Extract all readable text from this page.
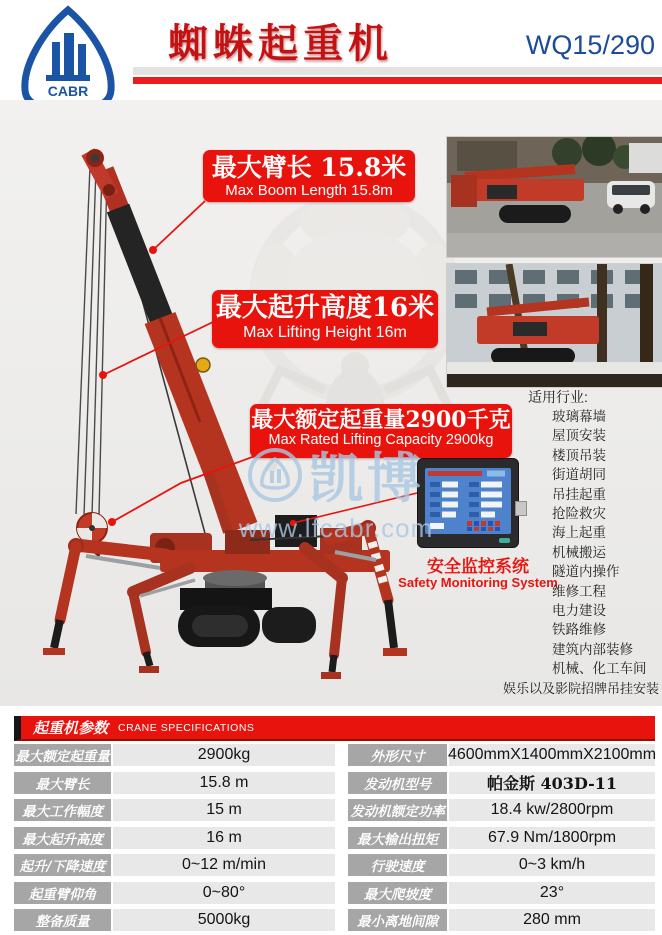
CABR
蜘蛛起重机	WQ15/290
最大臂长 15.8米
Max Boom Length 15.8m
最大起升高度16米
Max Lifting Height 16m
最大额定起重量2900千克
Max Rated Lifting Capacity 2900kg
安全监控系统
Safety Monitoring System
适用行业:
玻璃幕墙
屋顶安装
楼顶吊装
街道胡同
吊挂起重
抢险救灾
海上起重
机械搬运
隧道内操作
维修工程
电力建设
铁路维修
建筑内部装修
机械、化工车间
娱乐以及影院招牌吊挂安装
凯博
www.lfcabr.com
起重机参数 CRANE SPECIFICATIONS
最大额定起重量	2900kg	外形尺寸	4600mmX1400mmX2100mm
最大臂长	15.8 m	发动机型号	帕金斯 403D-11
最大工作幅度	15 m	发动机额定功率	18.4 kw/2800rpm
最大起升高度	16 m	最大输出扭矩	67.9 Nm/1800rpm
起升/下降速度	0~12 m/min	行驶速度	0~3 km/h
起重臂仰角	0~80°	最大爬坡度	23°
整备质量	5000kg	最小离地间隙	280 mm
